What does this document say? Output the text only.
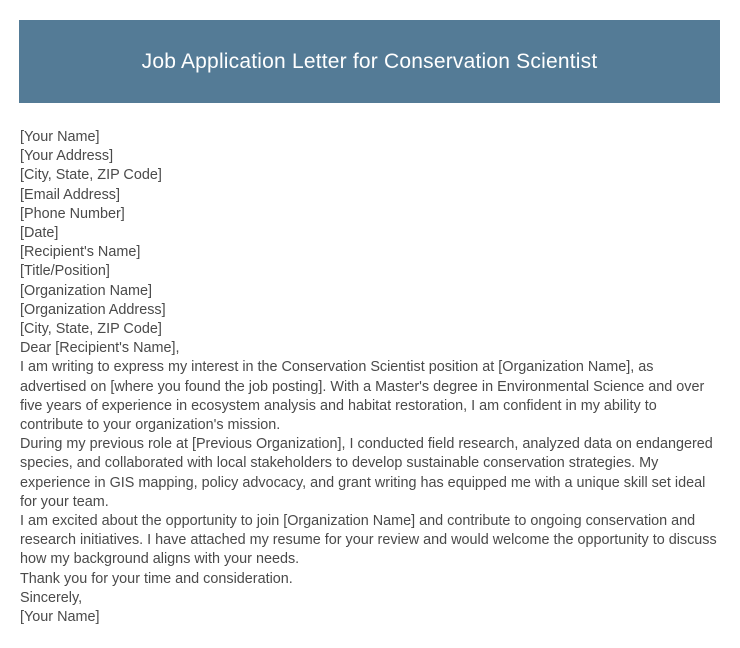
Job Application Letter for Conservation Scientist
[Your Name]
[Your Address]
[City, State, ZIP Code]
[Email Address]
[Phone Number]
[Date]
[Recipient's Name]
[Title/Position]
[Organization Name]
[Organization Address]
[City, State, ZIP Code]
Dear [Recipient's Name],

I am writing to express my interest in the Conservation Scientist position at [Organization Name], as advertised on [where you found the job posting]. With a Master's degree in Environmental Science and over five years of experience in ecosystem analysis and habitat restoration, I am confident in my ability to contribute to your organization's mission.

During my previous role at [Previous Organization], I conducted field research, analyzed data on endangered species, and collaborated with local stakeholders to develop sustainable conservation strategies. My experience in GIS mapping, policy advocacy, and grant writing has equipped me with a unique skill set ideal for your team.

I am excited about the opportunity to join [Organization Name] and contribute to ongoing conservation and research initiatives. I have attached my resume for your review and would welcome the opportunity to discuss how my background aligns with your needs.

Thank you for your time and consideration.
Sincerely,
[Your Name]
